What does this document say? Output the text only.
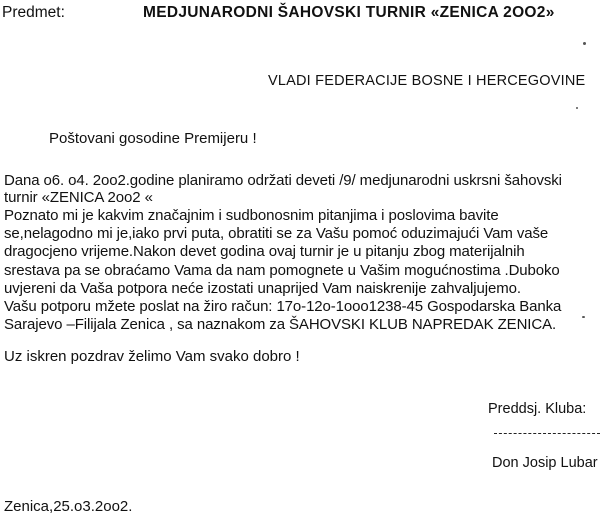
Predmet:	MEDJUNARODNI ŠAHOVSKI TURNIR «ZENICA 2OO2»
VLADI FEDERACIJE BOSNE I HERCEGOVINE
Poštovani gosodine Premijeru !
Dana o6. o4. 2oo2.godine planiramo održati deveti /9/ medjunarodni uskrsni šahovski
turnir «ZENICA 2oo2 «
Poznato mi je kakvim značajnim i sudbonosnim pitanjima i poslovima bavite
se,nelagodno mi je,iako prvi puta, obratiti se za Vašu pomoć oduzimajući Vam vaše
dragocjeno vrijeme.Nakon devet godina ovaj turnir je u pitanju zbog materijalnih
srestava pa se obraćamo Vama da nam pomognete u Vašim mogućnostima .Duboko
uvjereni da Vaša potpora neće izostati unaprijed Vam naiskrenije zahvaljujemo.
Vašu potporu mžete poslat na žiro račun: 17o-12o-1ooo1238-45 Gospodarska Banka
Sarajevo –Filijala Zenica , sa naznakom za ŠAHOVSKI KLUB NAPREDAK ZENICA.
Uz iskren pozdrav želimo Vam svako dobro !
Preddsj. Kluba:
Don Josip Lubar
Zenica,25.o3.2oo2.
